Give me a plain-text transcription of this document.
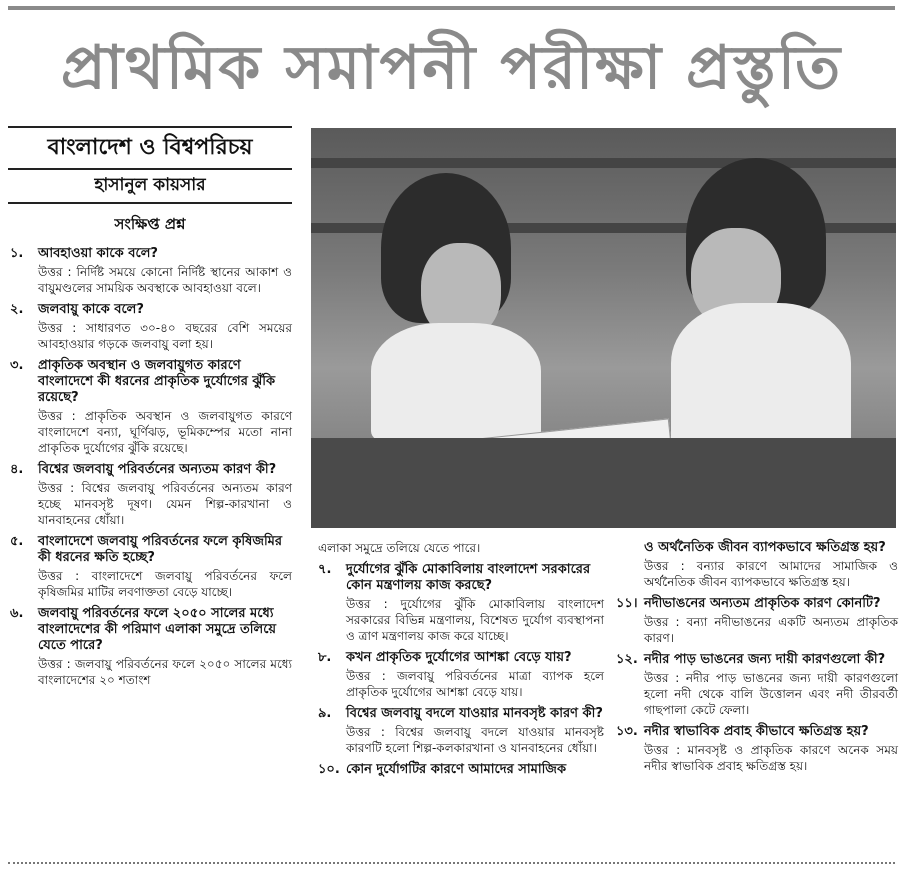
প্রাথমিক সমাপনী পরীক্ষা প্রস্তুতি
বাংলাদেশ ও বিশ্বপরিচয়
হাসানুল কায়সার
সংক্ষিপ্ত প্রশ্ন
১.	আবহাওয়া কাকে বলে?
উত্তর : নির্দিষ্ট সময়ে কোনো নির্দিষ্ট স্থানের আকাশ ও বায়ুমণ্ডলের সাময়িক অবস্থাকে আবহাওয়া বলে।
২.	জলবায়ু কাকে বলে?
উত্তর : সাধারণত ৩০-৪০ বছরের বেশি সময়ের আবহাওয়ার গড়কে জলবায়ু বলা হয়।
৩.	প্রাকৃতিক অবস্থান ও জলবায়ুগত কারণে বাংলাদেশে কী ধরনের প্রাকৃতিক দুর্যোগের ঝুঁকি রয়েছে?
উত্তর : প্রাকৃতিক অবস্থান ও জলবায়ুগত কারণে বাংলাদেশে বন্যা, ঘূর্ণিঝড়, ভূমিকম্পের মতো নানা প্রাকৃতিক দুর্যোগের ঝুঁকি রয়েছে।
৪.	বিশ্বের জলবায়ু পরিবর্তনের অন্যতম কারণ কী?
উত্তর : বিশ্বের জলবায়ু পরিবর্তনের অন্যতম কারণ হচ্ছে মানবসৃষ্ট দূষণ। যেমন শিল্প-কারখানা ও যানবাহনের ধোঁয়া।
৫.	বাংলাদেশে জলবায়ু পরিবর্তনের ফলে কৃষিজমির কী ধরনের ক্ষতি হচ্ছে?
উত্তর : বাংলাদেশে জলবায়ু পরিবর্তনের ফলে কৃষিজমির মাটির লবণাক্ততা বেড়ে যাচ্ছে।
৬.	জলবায়ু পরিবর্তনের ফলে ২০৫০ সালের মধ্যে বাংলাদেশের কী পরিমাণ এলাকা সমুদ্রে তলিয়ে যেতে পারে?
উত্তর : জলবায়ু পরিবর্তনের ফলে ২০৫০ সালের মধ্যে বাংলাদেশের ২০ শতাংশ
এলাকা সমুদ্রে তলিয়ে যেতে পারে।
৭.	দুর্যোগের ঝুঁকি মোকাবিলায় বাংলাদেশ সরকারের কোন মন্ত্রণালয় কাজ করছে?
উত্তর : দুর্যোগের ঝুঁকি মোকাবিলায় বাংলাদেশ সরকারের বিভিন্ন মন্ত্রণালয়, বিশেষত দুর্যোগ ব্যবস্থাপনা ও ত্রাণ মন্ত্রণালয় কাজ করে যাচ্ছে।
৮.	কখন প্রাকৃতিক দুর্যোগের আশঙ্কা বেড়ে যায়?
উত্তর : জলবায়ু পরিবর্তনের মাত্রা ব্যাপক হলে প্রাকৃতিক দুর্যোগের আশঙ্কা বেড়ে যায়।
৯.	বিশ্বের জলবায়ু বদলে যাওয়ার মানবসৃষ্ট কারণ কী?
উত্তর : বিশ্বের জলবায়ু বদলে যাওয়ার মানবসৃষ্ট কারণটি হলো শিল্প-কলকারখানা ও যানবাহনের ধোঁয়া।
১০. কোন দুর্যোগটির কারণে আমাদের সামাজিক
ও অর্থনৈতিক জীবন ব্যাপকভাবে ক্ষতিগ্রস্ত হয়?
উত্তর : বন্যার কারণে আমাদের সামাজিক ও অর্থনৈতিক জীবন ব্যাপকভাবে ক্ষতিগ্রস্ত হয়।
১১। নদীভাঙনের অন্যতম প্রাকৃতিক কারণ কোনটি?
উত্তর : বন্যা নদীভাঙনের একটি অন্যতম প্রাকৃতিক কারণ।
১২. নদীর পাড় ভাঙনের জন্য দায়ী কারণগুলো কী?
উত্তর : নদীর পাড় ভাঙনের জন্য দায়ী কারণগুলো হলো নদী থেকে বালি উত্তোলন এবং নদী তীরবর্তী গাছপালা কেটে ফেলা।
১৩. নদীর স্বাভাবিক প্রবাহ কীভাবে ক্ষতিগ্রস্ত হয়?
উত্তর : মানবসৃষ্ট ও প্রাকৃতিক কারণে অনেক সময় নদীর স্বাভাবিক প্রবাহ ক্ষতিগ্রস্ত হয়।
